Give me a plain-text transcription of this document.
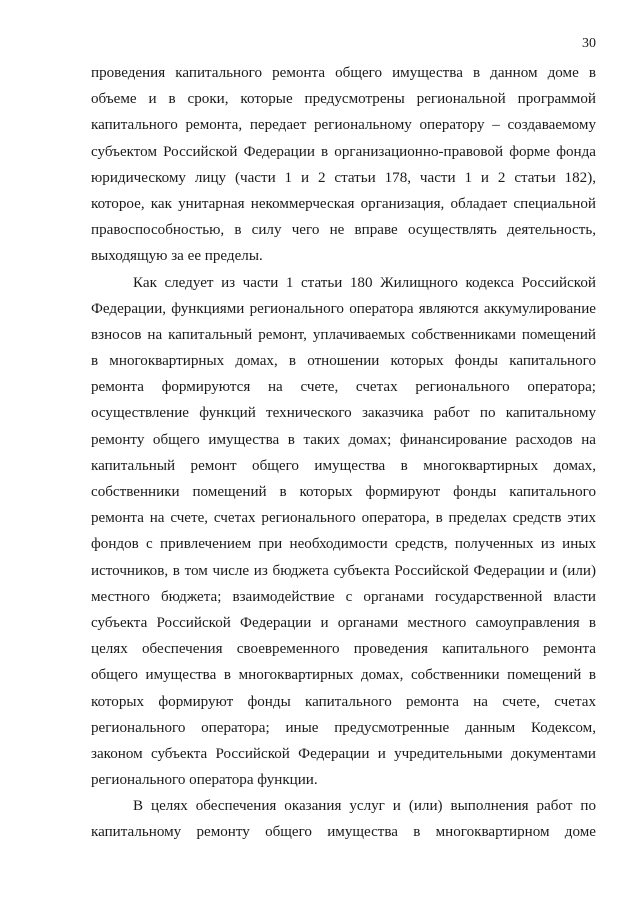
30
проведения капитального ремонта общего имущества в данном доме в
объеме и в сроки, которые предусмотрены региональной программой
капитального ремонта, передает региональному оператору – создаваемому
субъектом Российской Федерации в организационно-правовой форме фонда
юридическому лицу (части 1 и 2 статьи 178, части 1 и 2 статьи 182),
которое, как унитарная некоммерческая организация, обладает специальной
правоспособностью, в силу чего не вправе осуществлять деятельность,
выходящую за ее пределы.
Как следует из части 1 статьи 180 Жилищного кодекса Российской
Федерации, функциями регионального оператора являются аккумулирование
взносов на капитальный ремонт, уплачиваемых собственниками помещений
в многоквартирных домах, в отношении которых фонды капитального
ремонта формируются на счете, счетах регионального оператора;
осуществление функций технического заказчика работ по капитальному
ремонту общего имущества в таких домах; финансирование расходов на
капитальный ремонт общего имущества в многоквартирных домах,
собственники помещений в которых формируют фонды капитального
ремонта на счете, счетах регионального оператора, в пределах средств этих
фондов с привлечением при необходимости средств, полученных из иных
источников, в том числе из бюджета субъекта Российской Федерации и (или)
местного бюджета; взаимодействие с органами государственной власти
субъекта Российской Федерации и органами местного самоуправления в
целях обеспечения своевременного проведения капитального ремонта
общего имущества в многоквартирных домах, собственники помещений в
которых формируют фонды капитального ремонта на счете, счетах
регионального оператора; иные предусмотренные данным Кодексом,
законом субъекта Российской Федерации и учредительными документами
регионального оператора функции.
В целях обеспечения оказания услуг и (или) выполнения работ по
капитальному ремонту общего имущества в многоквартирном доме
